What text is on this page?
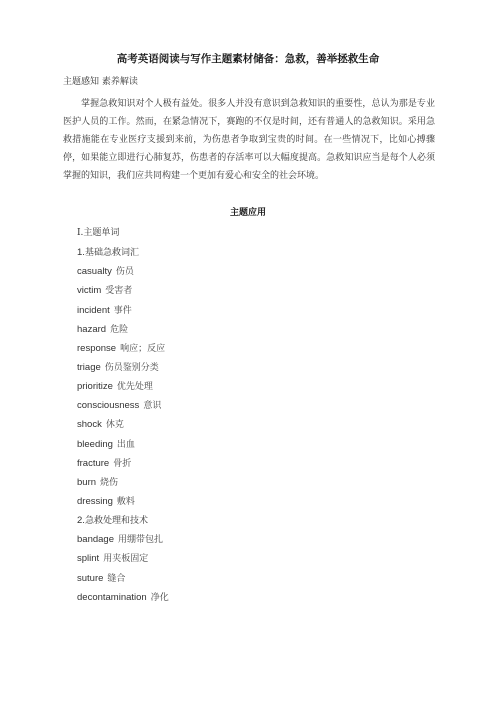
高考英语阅读与写作主题素材储备：急救，善举拯救生命
主题感知 素养解读
掌握急救知识对个人极有益处。很多人并没有意识到急救知识的重要性，总认为那是专业医护人员的工作。然而，在紧急情况下，赛跑的不仅是时间，还有普通人的急救知识。采用急救措施能在专业医疗支援到来前，为伤患者争取到宝贵的时间。在一些情况下，比如心搏骤停，如果能立即进行心肺复苏，伤患者的存活率可以大幅度提高。急救知识应当是每个人必须掌握的知识，我们应共同构建一个更加有爱心和安全的社会环境。
主题应用
Ⅰ.主题单词
1.基础急救词汇
casualty 伤员
victim 受害者
incident 事件
hazard 危险
response 响应；反应
triage 伤员鉴别分类
prioritize 优先处理
consciousness 意识
shock 休克
bleeding 出血
fracture 骨折
burn 烧伤
dressing 敷料
2.急救处理和技术
bandage 用绷带包扎
splint 用夹板固定
suture 缝合
decontamination 净化
